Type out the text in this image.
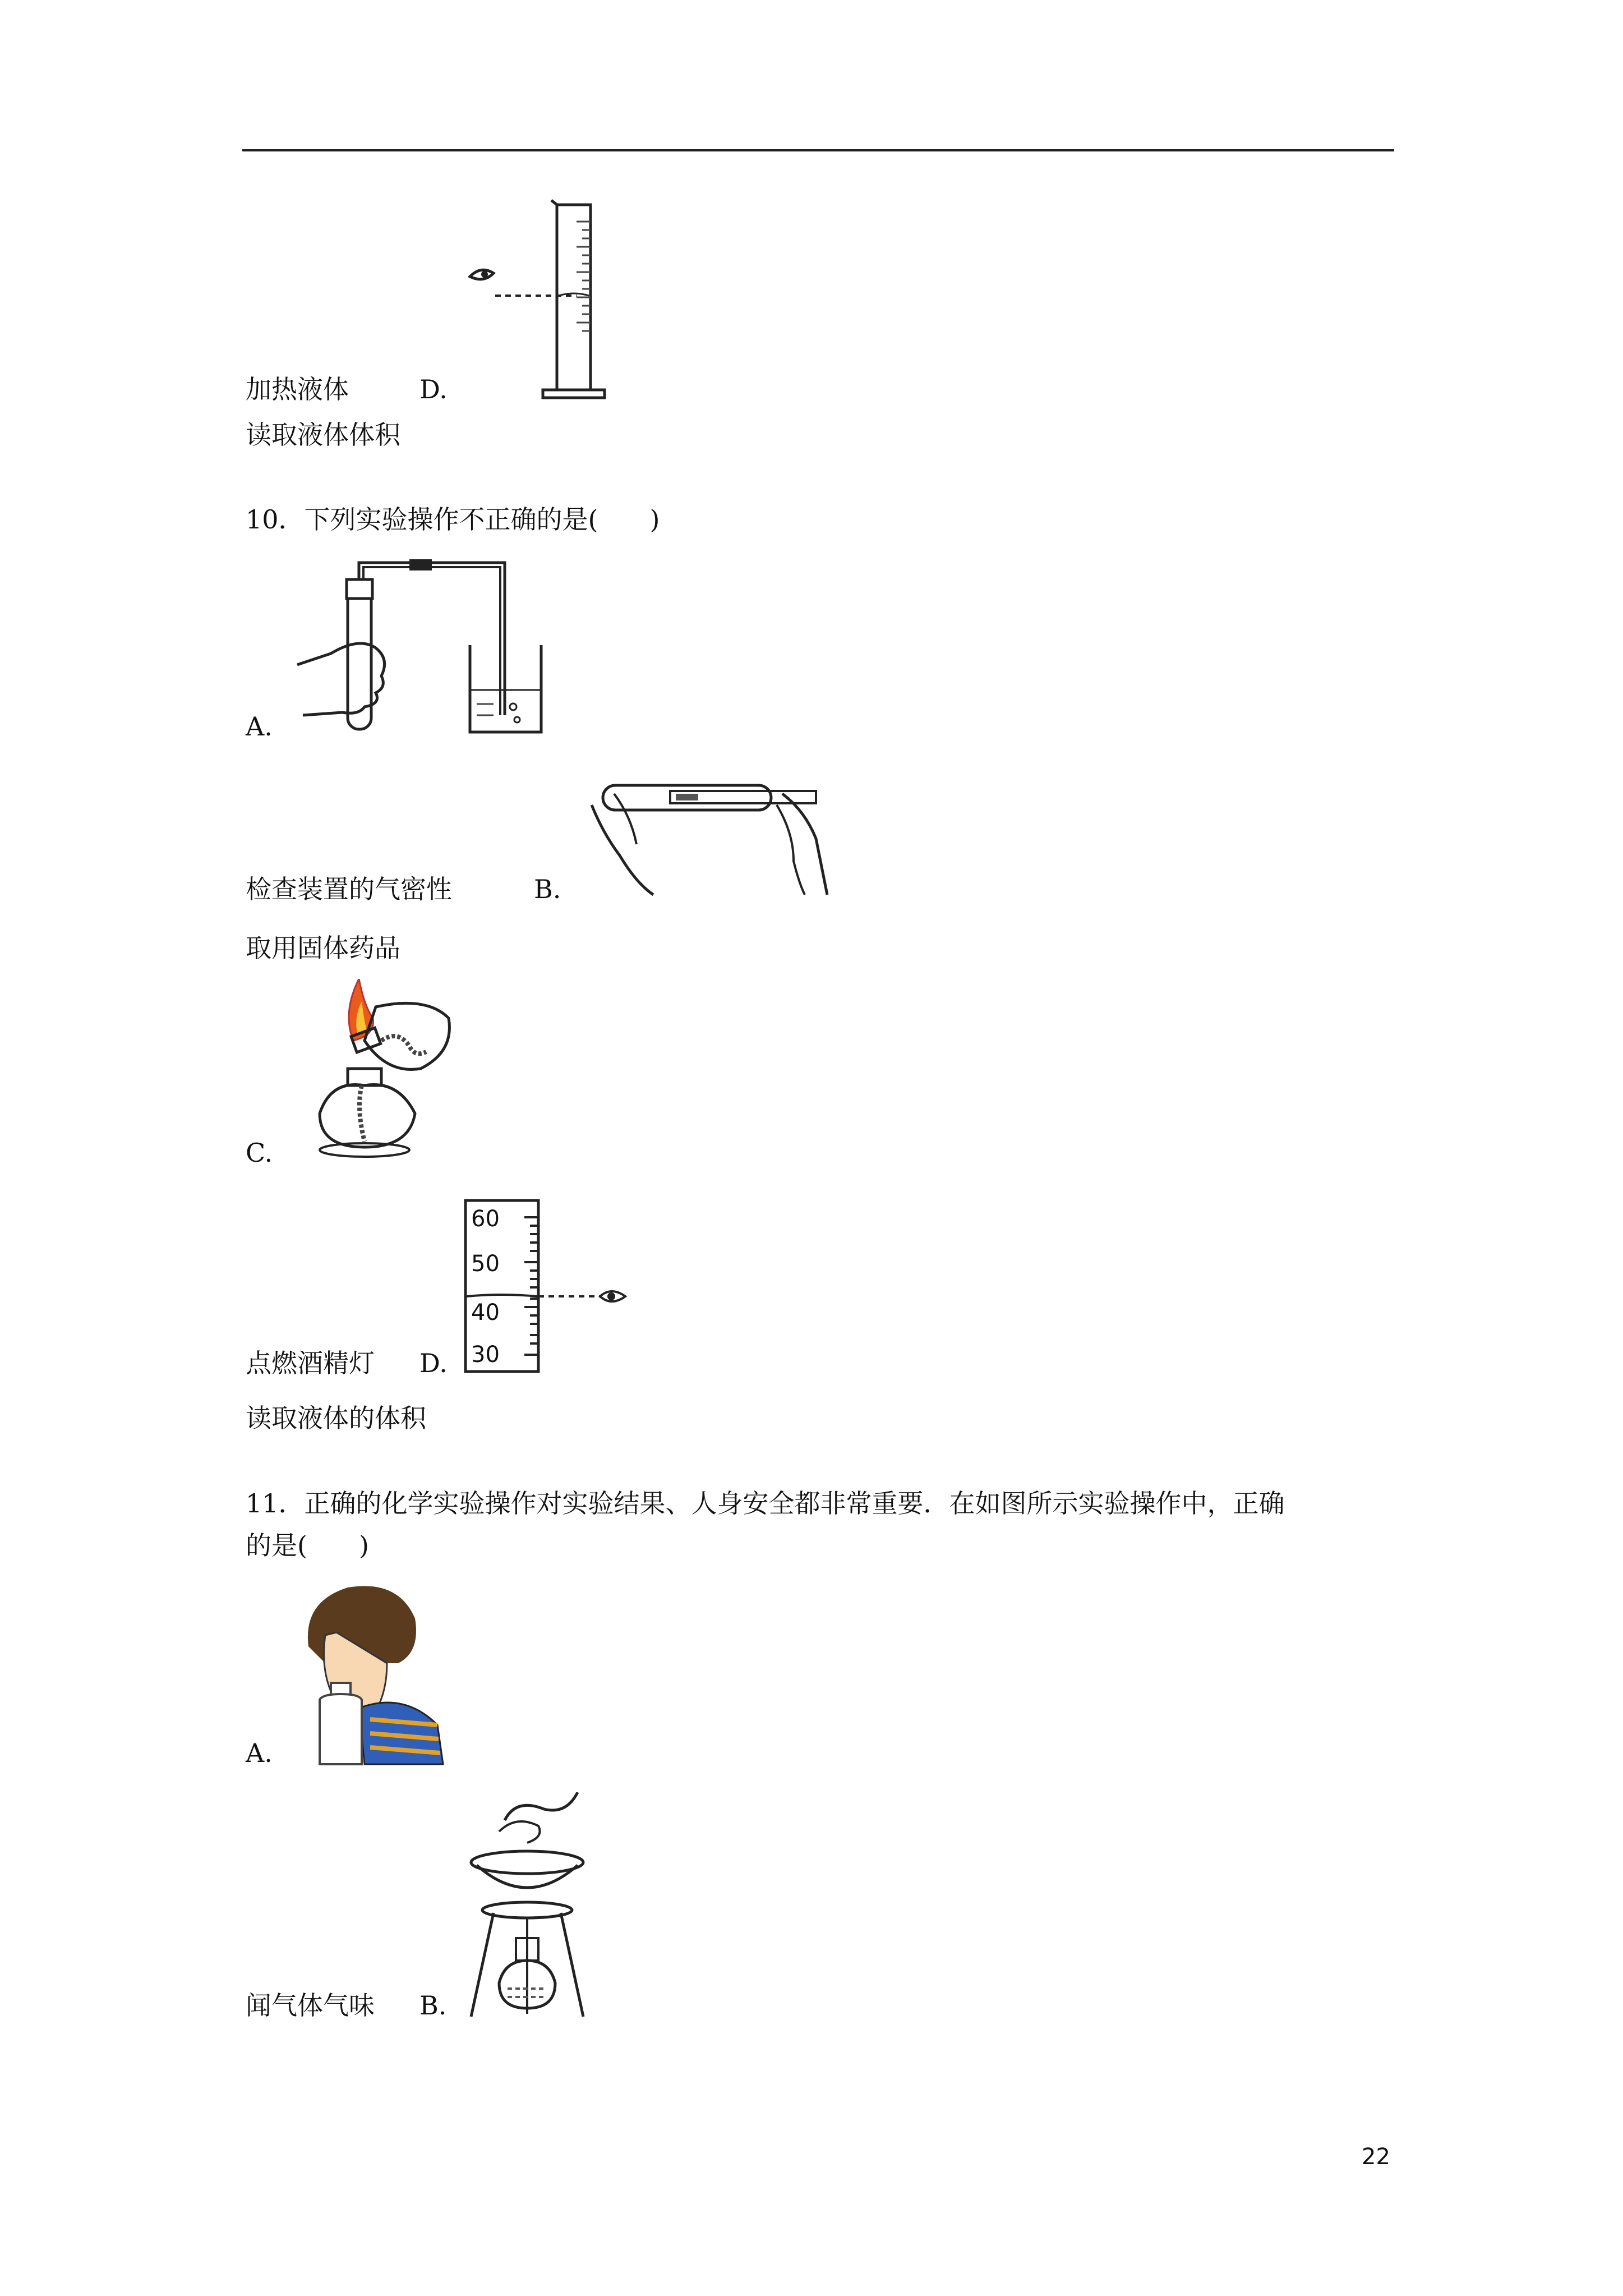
加热液体	D.
读取液体体积
10．下列实验操作不正确的是(　　)
A.
检查装置的气密性	B.
取用固体药品
C.
60
50
40
30
点燃酒精灯 D.
读取液体的体积
11．正确的化学实验操作对实验结果、人身安全都非常重要．在如图所示实验操作中，正确
的是(　　)
A.
闻气体气味 B.
22
